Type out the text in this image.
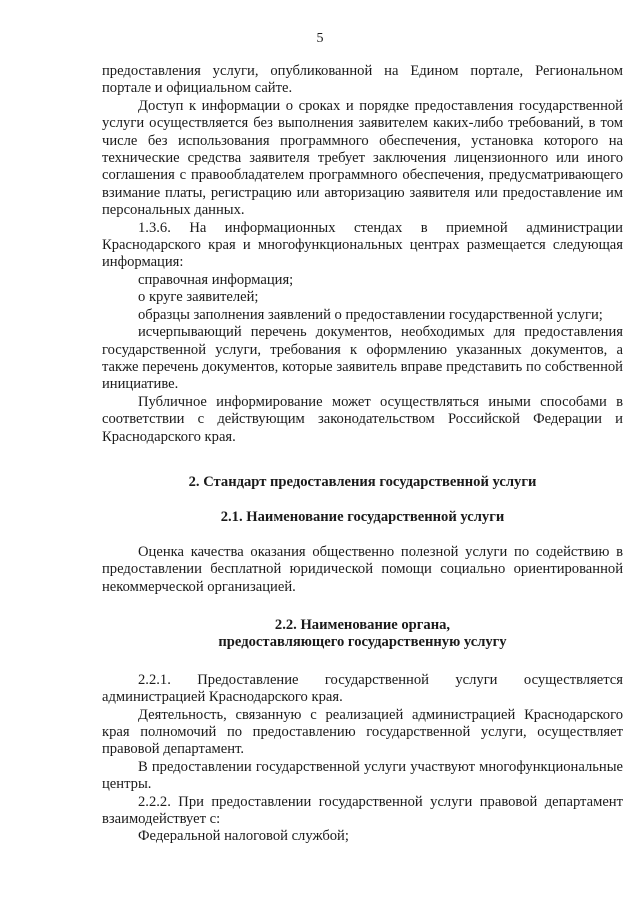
5

предоставления услуги, опубликованной на Едином портале, Региональном портале и официальном сайте.

Доступ к информации о сроках и порядке предоставления государственной услуги осуществляется без выполнения заявителем каких-либо требований, в том числе без использования программного обеспечения, установка которого на технические средства заявителя требует заключения лицензионного или иного соглашения с правообладателем программного обеспечения, предусматривающего взимание платы, регистрацию или авторизацию заявителя или предоставление им персональных данных.

1.3.6. На информационных стендах в приемной администрации Краснодарского края и многофункциональных центрах размещается следующая информация:

справочная информация;

о круге заявителей;

образцы заполнения заявлений о предоставлении государственной услуги;

исчерпывающий перечень документов, необходимых для предоставления государственной услуги, требования к оформлению указанных документов, а также перечень документов, которые заявитель вправе представить по собственной инициативе.

Публичное информирование может осуществляться иными способами в соответствии с действующим законодательством Российской Федерации и Краснодарского края.

2. Стандарт предоставления государственной услуги
2.1. Наименование государственной услуги

Оценка качества оказания общественно полезной услуги по содействию в предоставлении бесплатной юридической помощи социально ориентированной некоммерческой организацией.

2.2. Наименование органа,
предоставляющего государственную услугу

2.2.1. Предоставление государственной услуги осуществляется администрацией Краснодарского края.

Деятельность, связанную с реализацией администрацией Краснодарского края полномочий по предоставлению государственной услуги, осуществляет правовой департамент.

В предоставлении государственной услуги участвуют многофункциональные центры.

2.2.2. При предоставлении государственной услуги правовой департамент взаимодействует с:

Федеральной налоговой службой;
